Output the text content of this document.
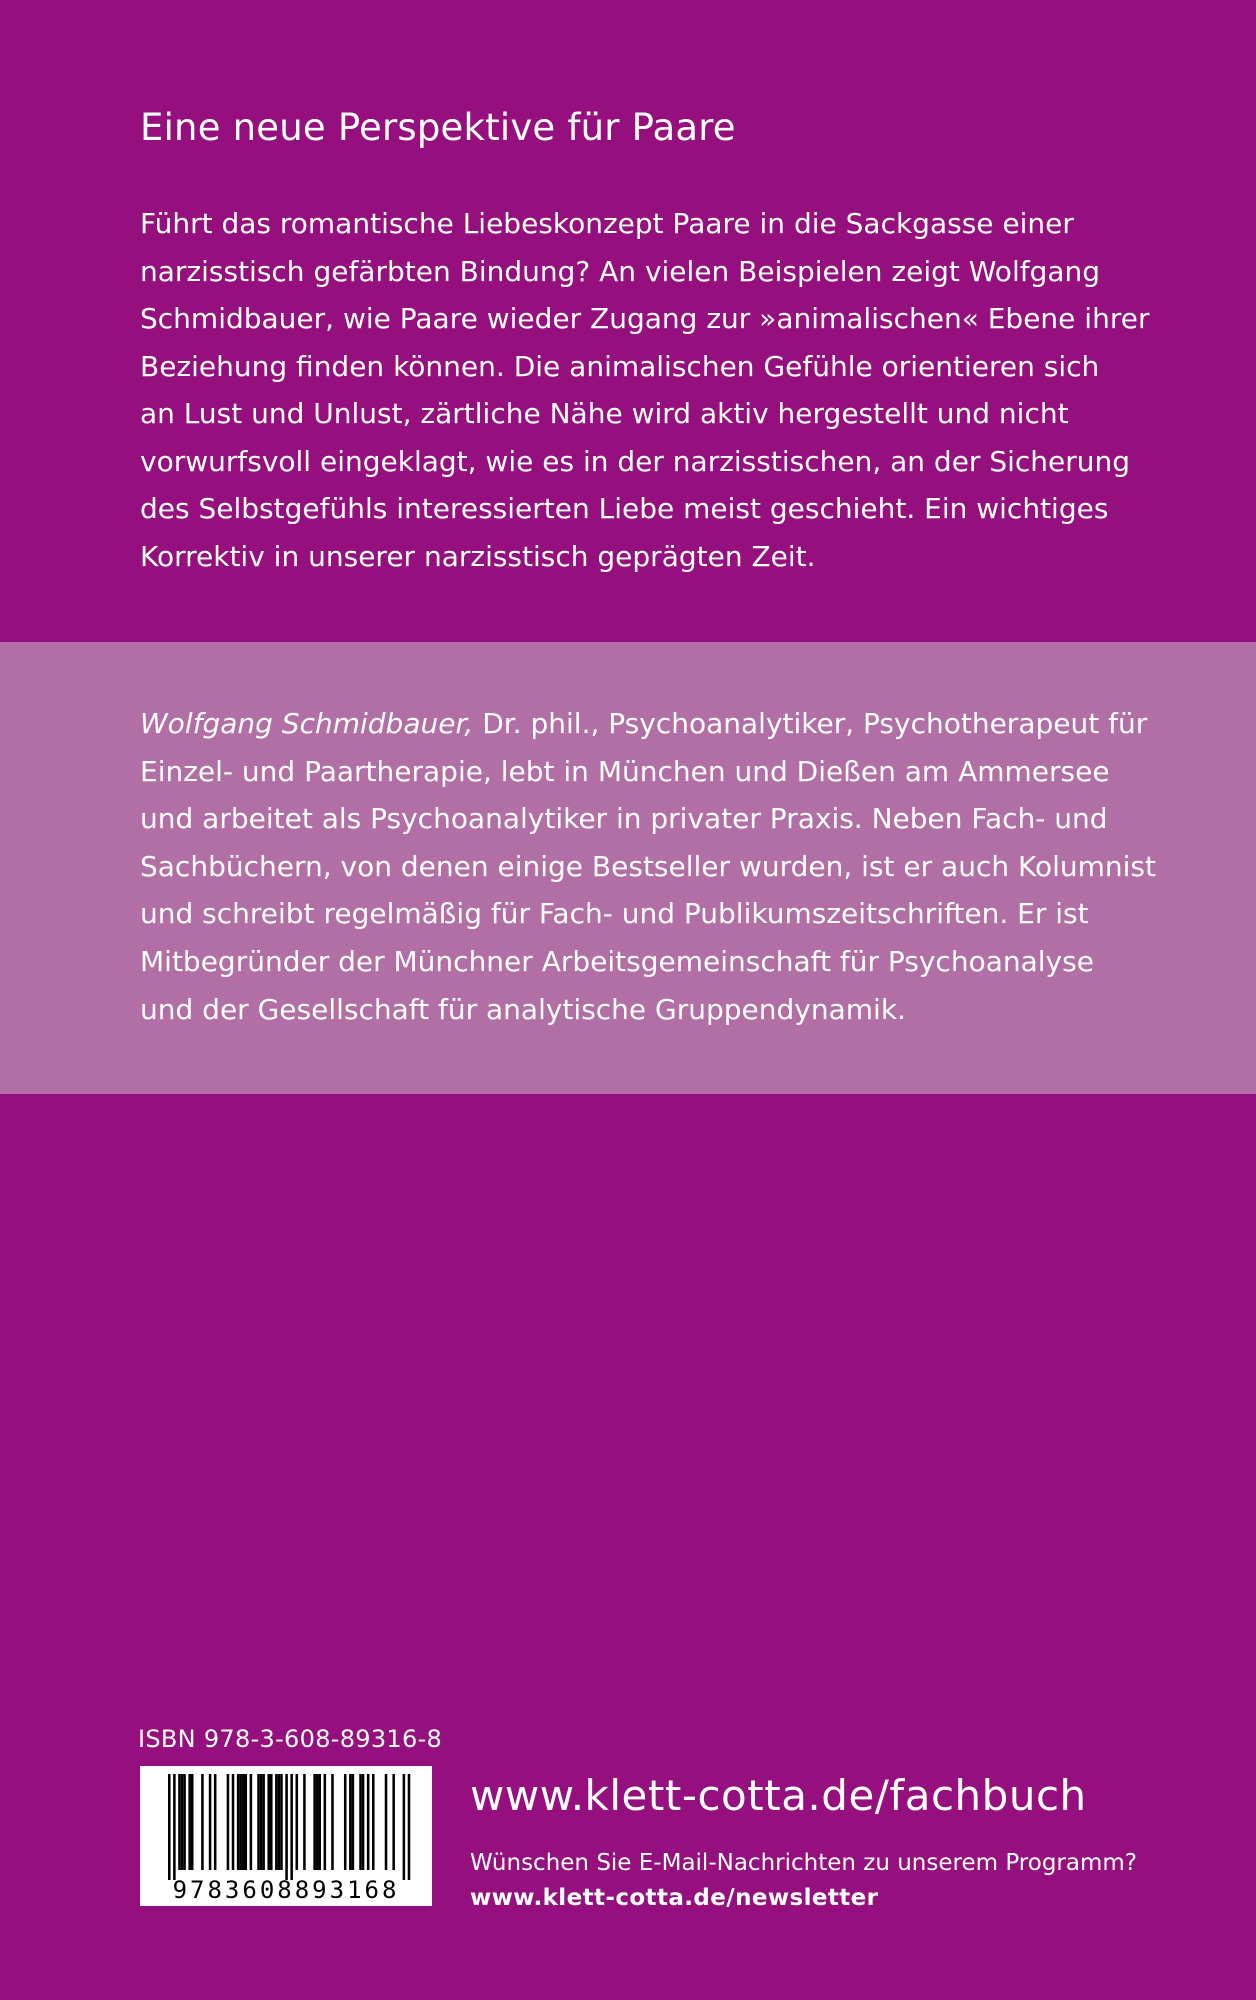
Eine neue Perspektive für Paare

Führt das romantische Liebeskonzept Paare in die Sackgasse einer
narzisstisch gefärbten Bindung? An vielen Beispielen zeigt Wolfgang
Schmidbauer, wie Paare wieder Zugang zur »animalischen« Ebene ihrer
Beziehung finden können. Die animalischen Gefühle orientieren sich
an Lust und Unlust, zärtliche Nähe wird aktiv hergestellt und nicht
vorwurfsvoll eingeklagt, wie es in der narzisstischen, an der Sicherung
des Selbstgefühls interessierten Liebe meist geschieht. Ein wichtiges
Korrektiv in unserer narzisstisch geprägten Zeit.

Wolfgang Schmidbauer, Dr. phil., Psychoanalytiker, Psychotherapeut für
Einzel- und Paartherapie, lebt in München und Dießen am Ammersee
und arbeitet als Psychoanalytiker in privater Praxis. Neben Fach- und
Sachbüchern, von denen einige Bestseller wurden, ist er auch Kolumnist
und schreibt regelmäßig für Fach- und Publikumszeitschriften. Er ist
Mitbegründer der Münchner Arbeitsgemeinschaft für Psychoanalyse
und der Gesellschaft für analytische Gruppendynamik.

ISBN 978-3-608-89316-8

9783608893168

www.klett-cotta.de/fachbuch

Wünschen Sie E-Mail-Nachrichten zu unserem Programm?

www.klett-cotta.de/newsletter
